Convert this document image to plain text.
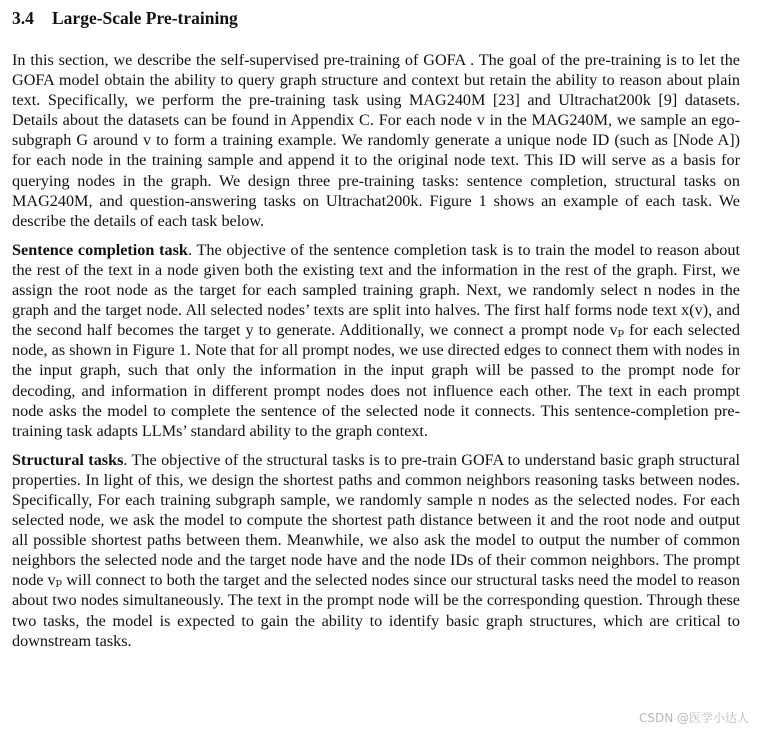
3.4 Large-Scale Pre-training

In this section, we describe the self-supervised pre-training of GOFA . The goal of the pre-training is to let the GOFA model obtain the ability to query graph structure and context but retain the ability to reason about plain text. Specifically, we perform the pre-training task using MAG240M [23] and Ultrachat200k [9] datasets. Details about the datasets can be found in Appendix C. For each node v in the MAG240M, we sample an ego-subgraph G around v to form a training example. We randomly generate a unique node ID (such as [Node A]) for each node in the training sample and append it to the original node text. This ID will serve as a basis for querying nodes in the graph. We design three pre-training tasks: sentence completion, structural tasks on MAG240M, and question-answering tasks on Ultrachat200k. Figure 1 shows an example of each task. We describe the details of each task below.

Sentence completion task. The objective of the sentence completion task is to train the model to reason about the rest of the text in a node given both the existing text and the information in the rest of the graph. First, we assign the root node as the target for each sampled training graph. Next, we randomly select n nodes in the graph and the target node. All selected nodes’ texts are split into halves. The first half forms node text x(v), and the second half becomes the target y to generate. Additionally, we connect a prompt node vₚ for each selected node, as shown in Figure 1. Note that for all prompt nodes, we use directed edges to connect them with nodes in the input graph, such that only the information in the input graph will be passed to the prompt node for decoding, and information in different prompt nodes does not influence each other. The text in each prompt node asks the model to complete the sentence of the selected node it connects. This sentence-completion pre-training task adapts LLMs’ standard ability to the graph context.

Structural tasks. The objective of the structural tasks is to pre-train GOFA to understand basic graph structural properties. In light of this, we design the shortest paths and common neighbors reasoning tasks between nodes. Specifically, For each training subgraph sample, we randomly sample n nodes as the selected nodes. For each selected node, we ask the model to compute the shortest path distance between it and the root node and output all possible shortest paths between them. Meanwhile, we also ask the model to output the number of common neighbors the selected node and the target node have and the node IDs of their common neighbors. The prompt node vₚ will connect to both the target and the selected nodes since our structural tasks need the model to reason about two nodes simultaneously. The text in the prompt node will be the corresponding question. Through these two tasks, the model is expected to gain the ability to identify basic graph structures, which are critical to downstream tasks.

CSDN @医学小达人
